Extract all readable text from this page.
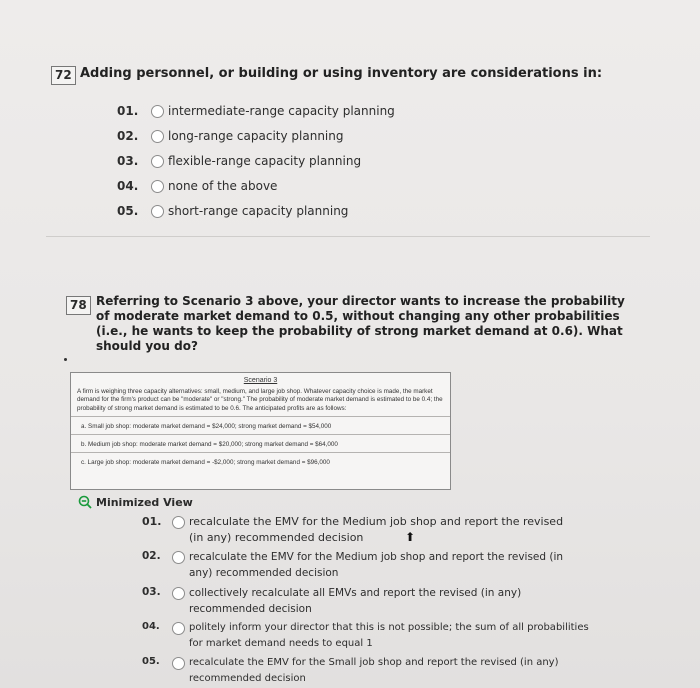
72 Adding personnel, or building or using inventory are considerations in:
01.	intermediate-range capacity planning
02.	long-range capacity planning
03.	flexible-range capacity planning
04.	none of the above
05.	short-range capacity planning
78 Referring to Scenario 3 above, your director wants to increase the probability of moderate market demand to 0.5, without changing any other probabilities (i.e., he wants to keep the probability of strong market demand at 0.6). What should you do?
Scenario 3
A firm is weighing three capacity alternatives: small, medium, and large job shop. Whatever capacity choice is made, the market demand for the firm's product can be "moderate" or "strong." The probability of moderate market demand is estimated to be 0.4; the probability of strong market demand is estimated to be 0.6. The anticipated profits are as follows:
a. Small job shop: moderate market demand = $24,000; strong market demand = $54,000
b. Medium job shop: moderate market demand = $20,000; strong market demand = $64,000
c. Large job shop: moderate market demand = -$2,000; strong market demand = $96,000
Minimized View
01.	recalculate the EMV for the Medium job shop and report the revised (in any) recommended decision
02.	recalculate the EMV for the Medium job shop and report the revised (in any) recommended decision
03.	collectively recalculate all EMVs and report the revised (in any) recommended decision
04.	politely inform your director that this is not possible; the sum of all probabilities for market demand needs to equal 1
05.	recalculate the EMV for the Small job shop and report the revised (in any) recommended decision
⬆
